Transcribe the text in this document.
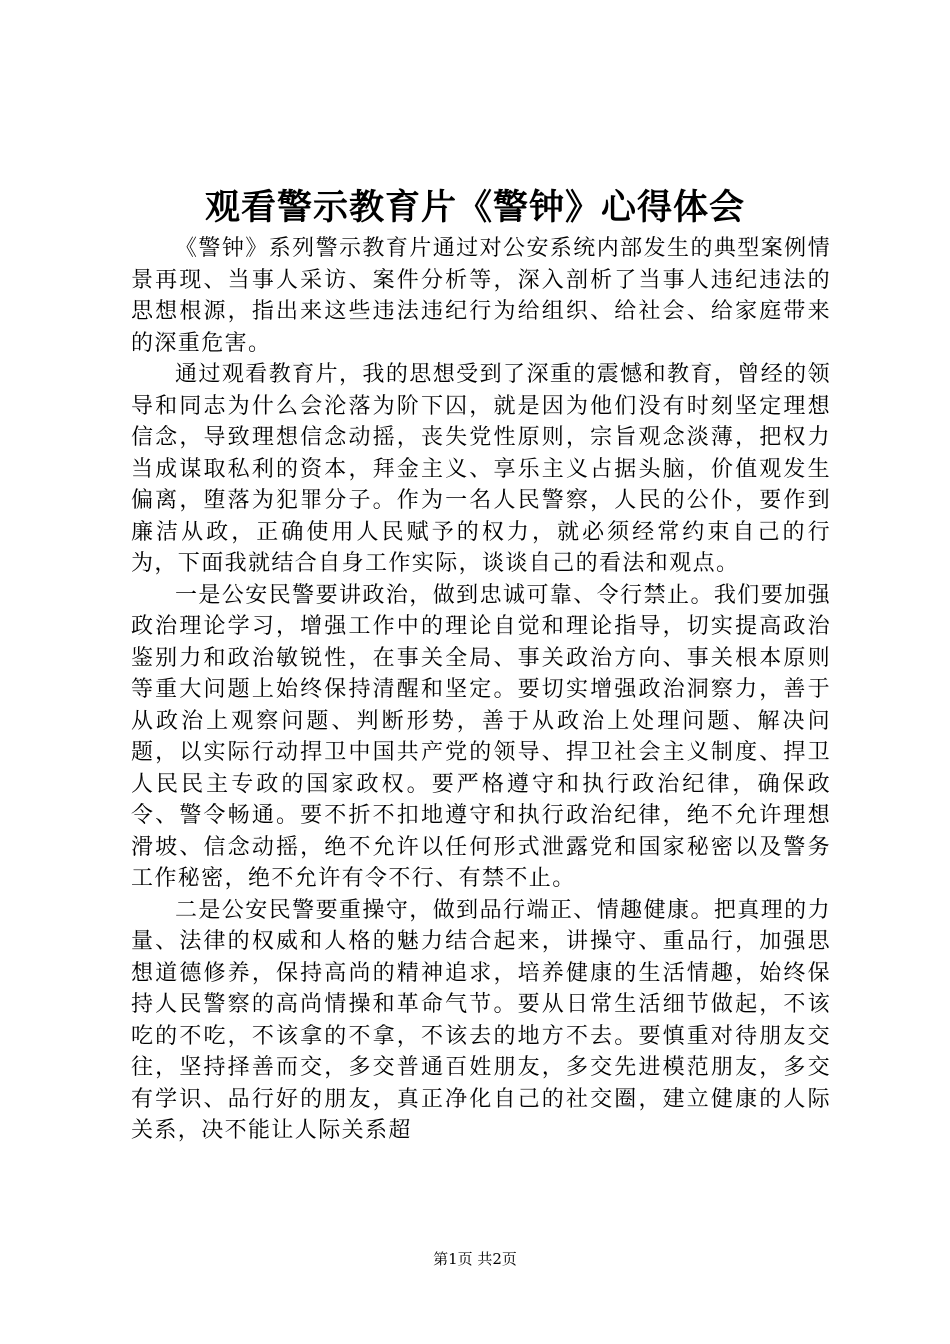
观看警示教育片《警钟》心得体会

《警钟》系列警示教育片通过对公安系统内部发生的典型案例情景再现、当事人采访、案件分析等，深入剖析了当事人违纪违法的思想根源，指出来这些违法违纪行为给组织、给社会、给家庭带来的深重危害。

通过观看教育片，我的思想受到了深重的震憾和教育，曾经的领导和同志为什么会沦落为阶下囚，就是因为他们没有时刻坚定理想信念，导致理想信念动摇，丧失党性原则，宗旨观念淡薄，把权力当成谋取私利的资本，拜金主义、享乐主义占据头脑，价值观发生偏离，堕落为犯罪分子。作为一名人民警察，人民的公仆，要作到廉洁从政，正确使用人民赋予的权力，就必须经常约束自己的行为，下面我就结合自身工作实际，谈谈自己的看法和观点。

一是公安民警要讲政治，做到忠诚可靠、令行禁止。我们要加强政治理论学习，增强工作中的理论自觉和理论指导，切实提高政治鉴别力和政治敏锐性，在事关全局、事关政治方向、事关根本原则等重大问题上始终保持清醒和坚定。要切实增强政治洞察力，善于从政治上观察问题、判断形势，善于从政治上处理问题、解决问题，以实际行动捍卫中国共产党的领导、捍卫社会主义制度、捍卫人民民主专政的国家政权。要严格遵守和执行政治纪律，确保政令、警令畅通。要不折不扣地遵守和执行政治纪律，绝不允许理想滑坡、信念动摇，绝不允许以任何形式泄露党和国家秘密以及警务工作秘密，绝不允许有令不行、有禁不止。

二是公安民警要重操守，做到品行端正、情趣健康。把真理的力量、法律的权威和人格的魅力结合起来，讲操守、重品行，加强思想道德修养，保持高尚的精神追求，培养健康的生活情趣，始终保持人民警察的高尚情操和革命气节。要从日常生活细节做起，不该吃的不吃，不该拿的不拿，不该去的地方不去。要慎重对待朋友交往，坚持择善而交，多交普通百姓朋友，多交先进模范朋友，多交有学识、品行好的朋友，真正净化自己的社交圈，建立健康的人际关系，决不能让人际关系超

第1页 共2页
